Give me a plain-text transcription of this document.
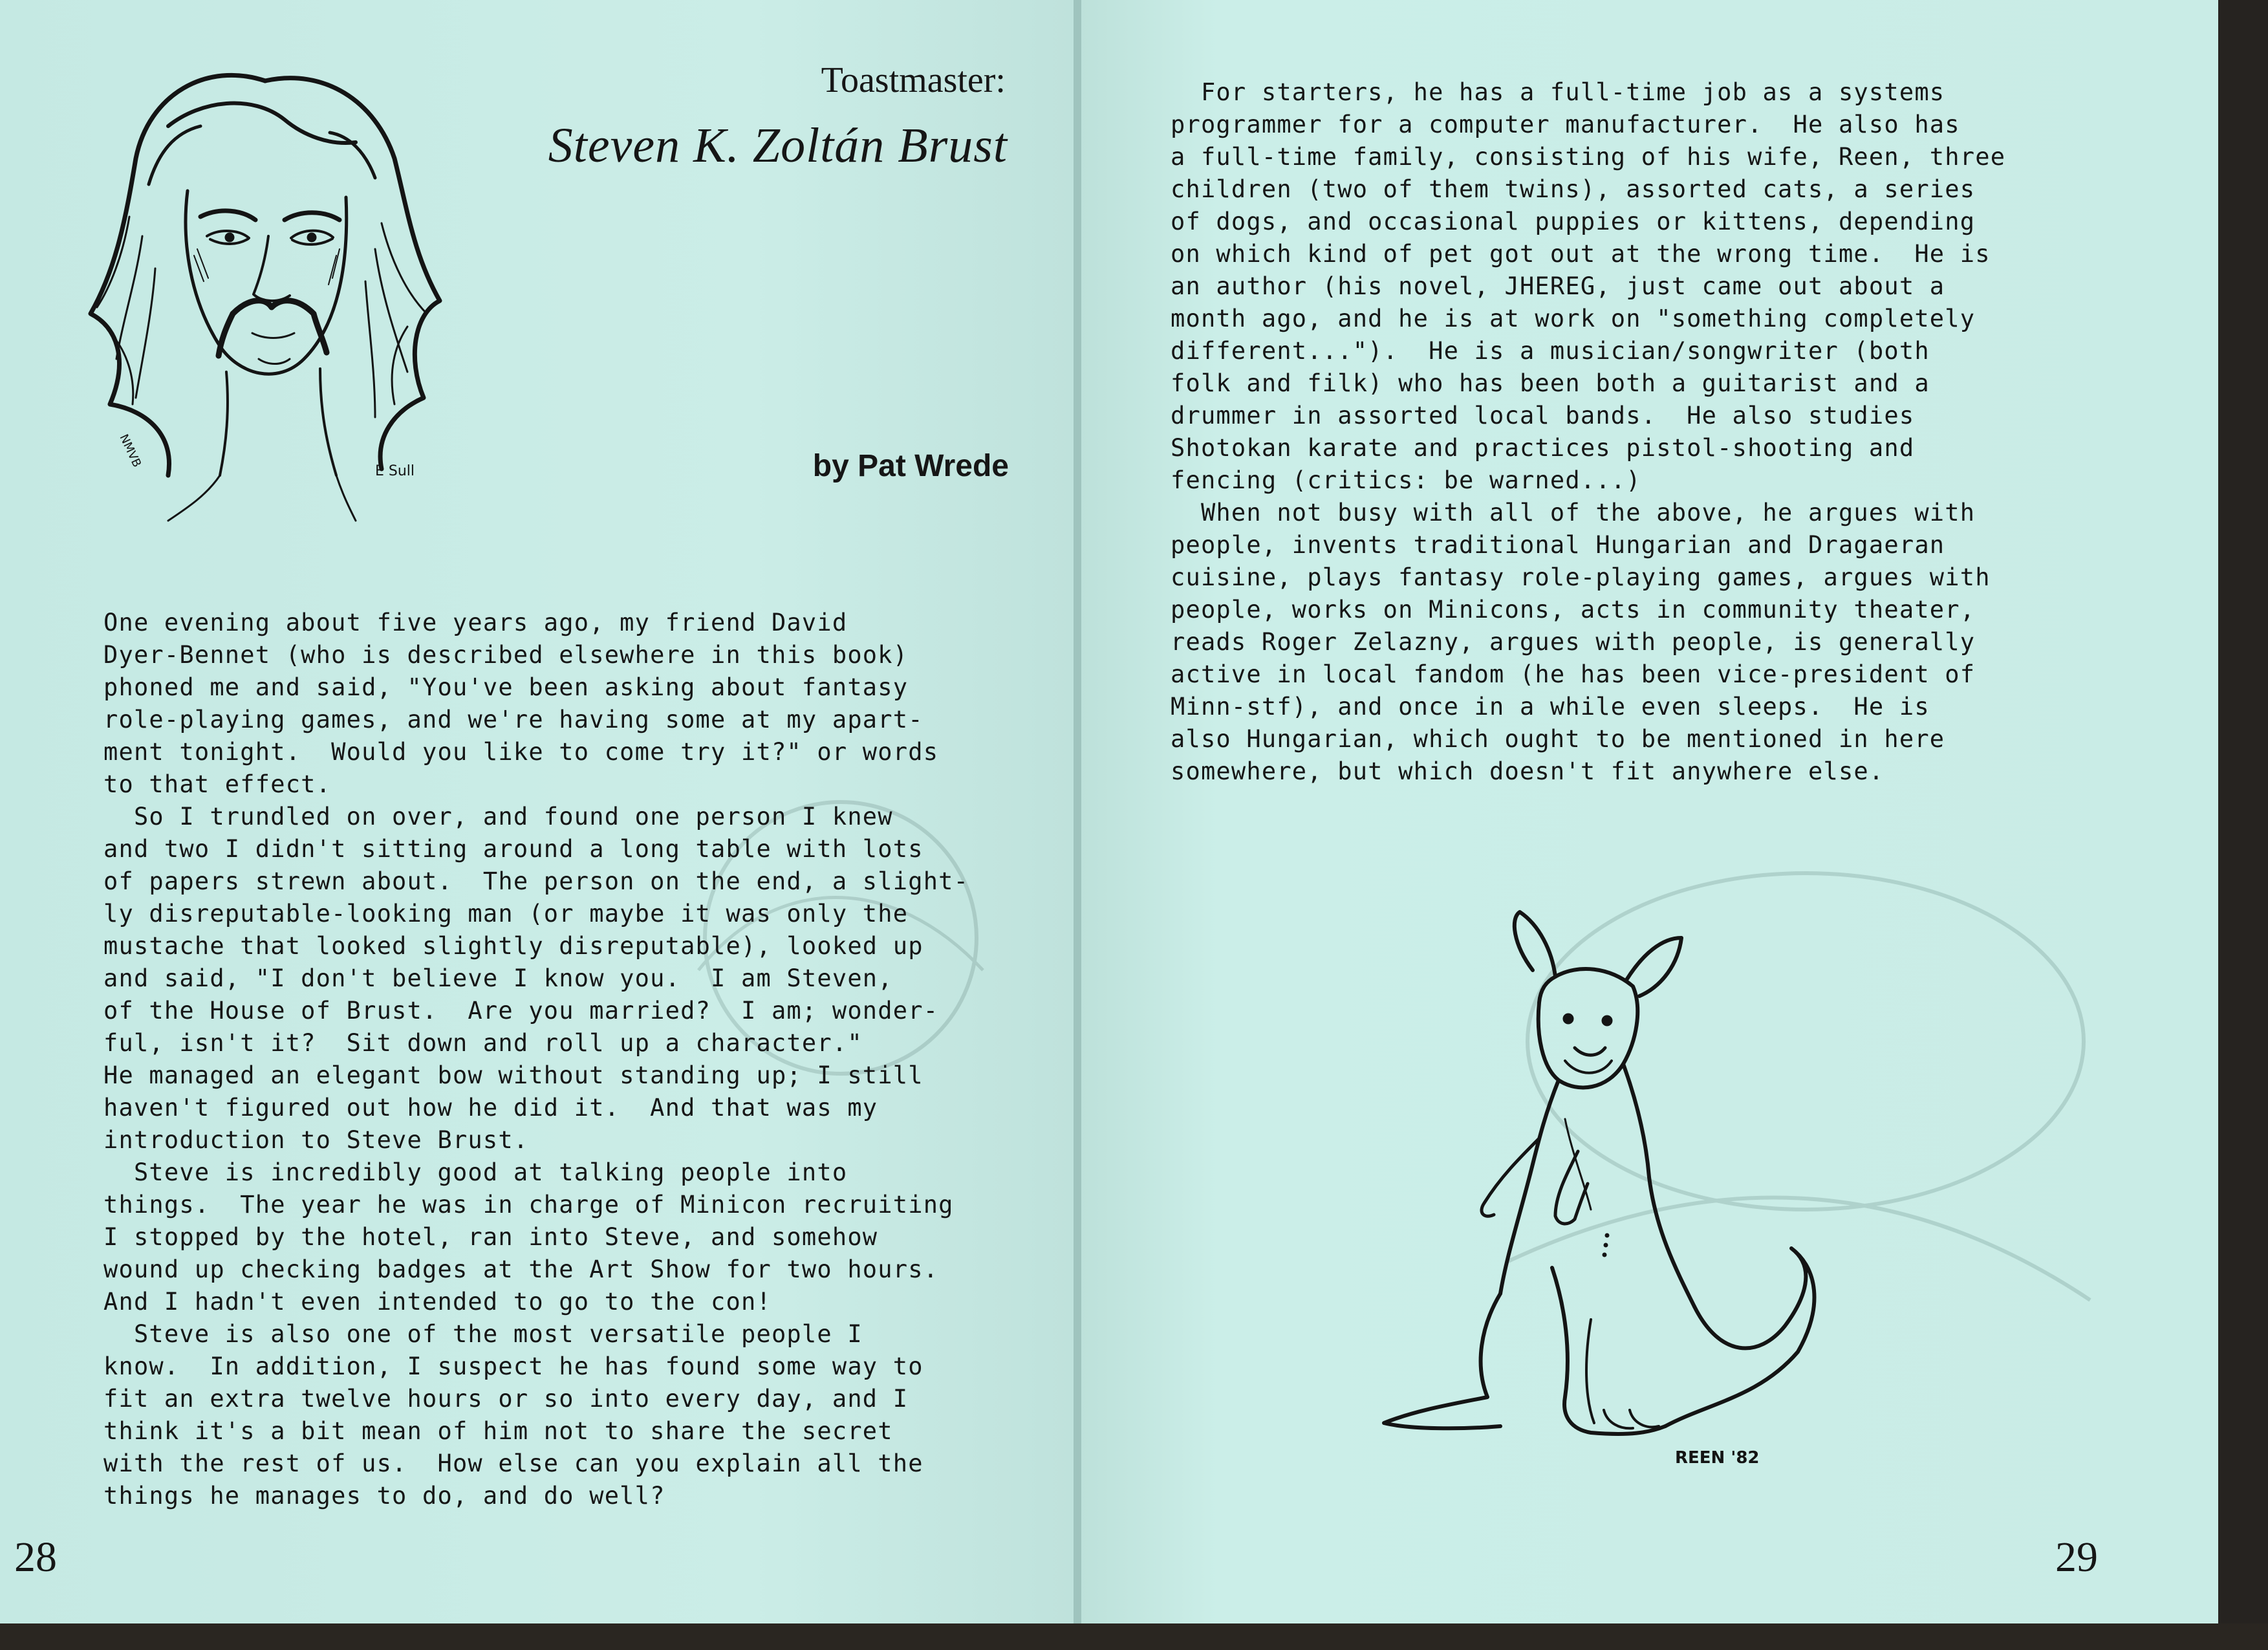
E Sull
NMVB
Toastmaster:
Steven K. Zoltán Brust
by Pat Wrede

One evening about five years ago, my friend David
Dyer-Bennet (who is described elsewhere in this book)
phoned me and said, "You've been asking about fantasy
role-playing games, and we're having some at my apart-
ment tonight.  Would you like to come try it?" or words
to that effect.
So I trundled on over, and found one person I knew
and two I didn't sitting around a long table with lots
of papers strewn about.  The person on the end, a slight-
ly disreputable-looking man (or maybe it was only the
mustache that looked slightly disreputable), looked up
and said, "I don't believe I know you.  I am Steven,
of the House of Brust.  Are you married?  I am; wonder-
ful, isn't it?  Sit down and roll up a character."
He managed an elegant bow without standing up; I still
haven't figured out how he did it.  And that was my
introduction to Steve Brust.
Steve is incredibly good at talking people into
things.  The year he was in charge of Minicon recruiting
I stopped by the hotel, ran into Steve, and somehow
wound up checking badges at the Art Show for two hours.
And I hadn't even intended to go to the con!
Steve is also one of the most versatile people I
know.  In addition, I suspect he has found some way to
fit an extra twelve hours or so into every day, and I
think it's a bit mean of him not to share the secret
with the rest of us.  How else can you explain all the
things he manages to do, and do well?

28

For starters, he has a full-time job as a systems
programmer for a computer manufacturer.  He also has
a full-time family, consisting of his wife, Reen, three
children (two of them twins), assorted cats, a series
of dogs, and occasional puppies or kittens, depending
on which kind of pet got out at the wrong time.  He is
an author (his novel, JHEREG, just came out about a
month ago, and he is at work on "something completely
different...").  He is a musician/songwriter (both
folk and filk) who has been both a guitarist and a
drummer in assorted local bands.  He also studies
Shotokan karate and practices pistol-shooting and
fencing (critics: be warned...)
When not busy with all of the above, he argues with
people, invents traditional Hungarian and Dragaeran
cuisine, plays fantasy role-playing games, argues with
people, works on Minicons, acts in community theater,
reads Roger Zelazny, argues with people, is generally
active in local fandom (he has been vice-president of
Minn-stf), and once in a while even sleeps.  He is
also Hungarian, which ought to be mentioned in here
somewhere, but which doesn't fit anywhere else.

29
REEN '82
